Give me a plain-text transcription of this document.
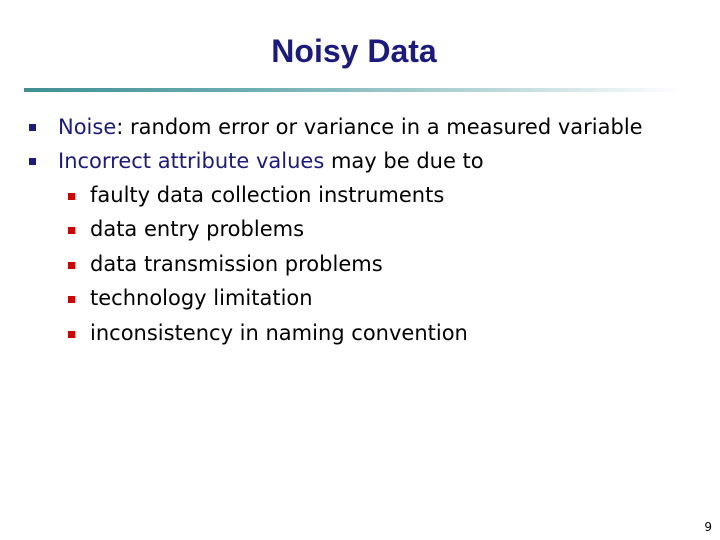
Noisy Data
Noise: random error or variance in a measured variable
Incorrect attribute values may be due to
faulty data collection instruments
data entry problems
data transmission problems
technology limitation
inconsistency in naming convention
9
